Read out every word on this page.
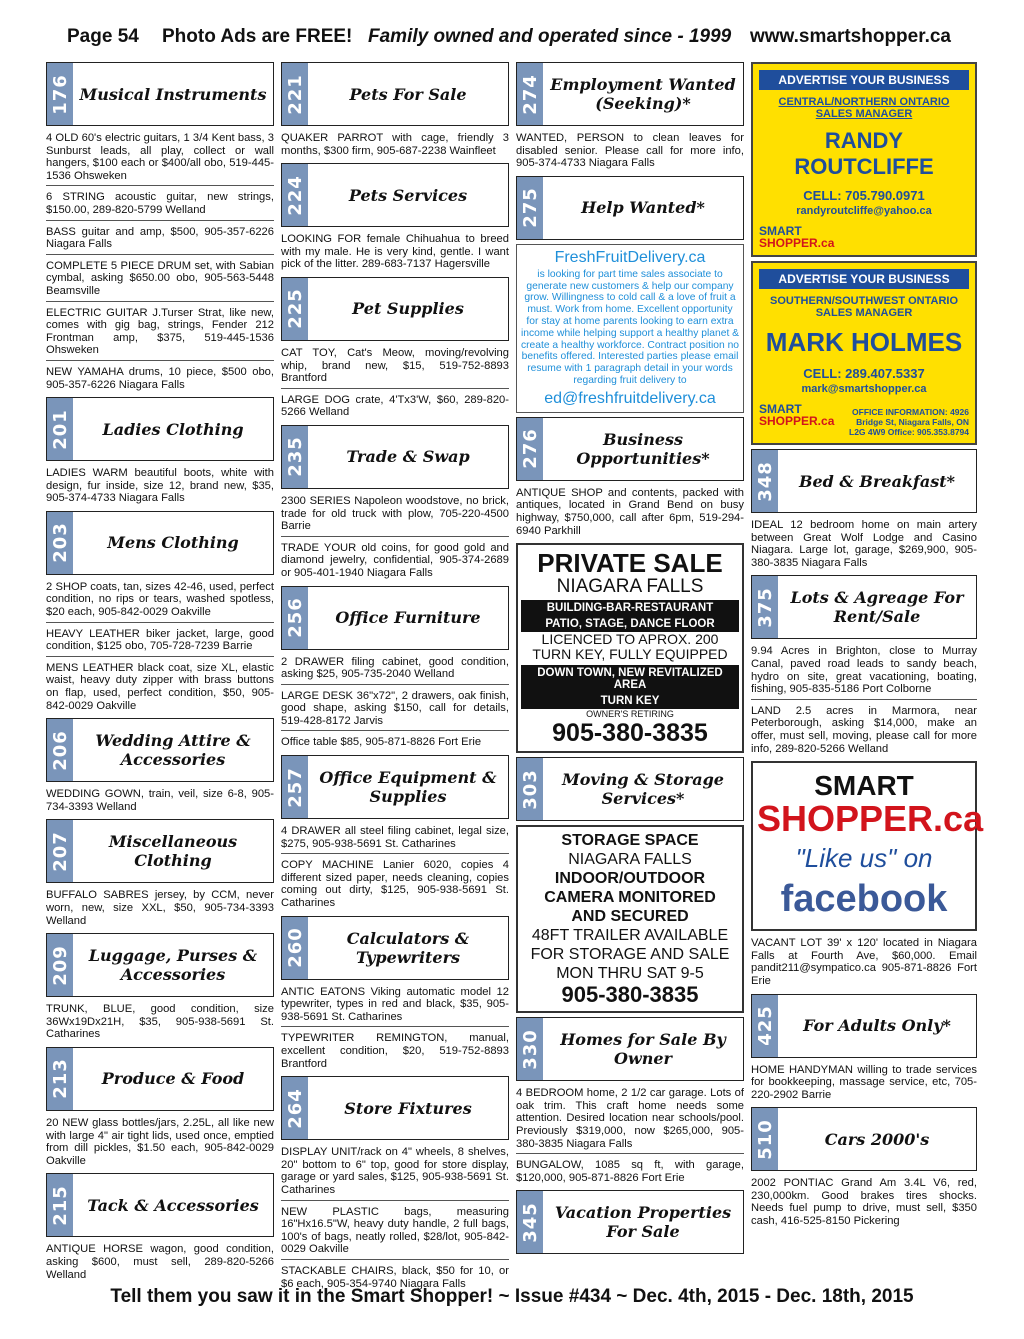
Page 54 Photo Ads are FREE! Family owned and operated since - 1999 www.smartshopper.ca
176 Musical Instruments
4 OLD 60's electric guitars, 1 3/4 Kent bass, 3 Sunburst leads, all play, collect or wall hangers, $100 each or $400/all obo, 519-445-1536 Ohsweken
6 STRING acoustic guitar, new strings, $150.00, 289-820-5799 Welland
BASS guitar and amp, $500, 905-357-6226 Niagara Falls
COMPLETE 5 PIECE DRUM set, with Sabian cymbal, asking $650.00 obo, 905-563-5448 Beamsville
ELECTRIC GUITAR J.Turser Strat, like new, comes with gig bag, strings, Fender 212 Frontman amp, $375, 519-445-1536 Ohsweken
NEW YAMAHA drums, 10 piece, $500 obo, 905-357-6226 Niagara Falls
201	Ladies Clothing
LADIES WARM beautiful boots, white with design, fur inside, size 12, brand new, $35, 905-374-4733 Niagara Falls
203	Mens Clothing
2 SHOP coats, tan, sizes 42-46, used, perfect condition, no rips or tears, washed spotless, $20 each, 905-842-0029 Oakville
HEAVY LEATHER biker jacket, large, good condition, $125 obo, 705-728-7239 Barrie
MENS LEATHER black coat, size XL, elastic waist, heavy duty zipper with brass buttons on flap, used, perfect condition, $50, 905-842-0029 Oakville
206	Wedding Attire & Accessories
WEDDING GOWN, train, veil, size 6-8, 905-734-3393 Welland
207	Miscellaneous Clothing
BUFFALO SABRES jersey, by CCM, never worn, new, size XXL, $50, 905-734-3393 Welland
209	Luggage, Purses & Accessories
TRUNK, BLUE, good condition, size 36Wx19Dx21H, $35, 905-938-5691 St. Catharines
213	Produce & Food
20 NEW glass bottles/jars, 2.25L, all like new with large 4" air tight lids, used once, emptied from dill pickles, $1.50 each, 905-842-0029 Oakville
215	Tack & Accessories
ANTIQUE HORSE wagon, good condition, asking $600, must sell, 289-820-5266 Welland
221	Pets For Sale
QUAKER PARROT with cage, friendly 3 months, $300 firm, 905-687-2238 Wainfleet
224	Pets Services
LOOKING FOR female Chihuahua to breed with my male. He is very kind, gentle. I want pick of the litter. 289-683-7137 Hagersville
225	Pet Supplies
CAT TOY, Cat's Meow, moving/revolving whip, brand new, $15, 519-752-8893 Brantford
LARGE DOG crate, 4'Tx3'W, $60, 289-820-5266 Welland
235	Trade & Swap
2300 SERIES Napoleon woodstove, no brick, trade for old truck with plow, 705-220-4500 Barrie
TRADE YOUR old coins, for good gold and diamond jewelry, confidential, 905-374-2689 or 905-401-1940 Niagara Falls
256	Office Furniture
2 DRAWER filing cabinet, good condition, asking $25, 905-735-2040 Welland
LARGE DESK 36"x72", 2 drawers, oak finish, good shape, asking $150, call for details, 519-428-8172 Jarvis
Office table $85, 905-871-8826 Fort Erie
257 Office Equipment & Supplies
4 DRAWER all steel filing cabinet, legal size, $275, 905-938-5691 St. Catharines
COPY MACHINE Lanier 6020, copies 4 different sized paper, needs cleaning, copies coming out dirty, $125, 905-938-5691 St. Catharines
260	Calculators & Typewriters
ANTIC EATONS Viking automatic model 12 typewriter, types in red and black, $35, 905-938-5691 St. Catharines
TYPEWRITER REMINGTON, manual, excellent condition, $20, 519-752-8893 Brantford
264	Store Fixtures
DISPLAY UNIT/rack on 4" wheels, 8 shelves, 20" bottom to 6" top, good for store display, garage or yard sales, $125, 905-938-5691 St. Catharines
NEW PLASTIC bags, measuring 16"Hx16.5"W, heavy duty handle, 2 full bags, 100's of bags, neatly rolled, $28/lot, 905-842-0029 Oakville
STACKABLE CHAIRS, black, $50 for 10, or $6 each, 905-354-9740 Niagara Falls
274 Employment Wanted (Seeking)*
WANTED, PERSON to clean leaves for disabled senior. Please call for more info, 905-374-4733 Niagara Falls
275	Help Wanted*
FreshFruitDelivery.ca
is looking for part time sales associate to generate new customers & help our company grow. Willingness to cold call & a love of fruit a must. Work from home. Excellent opportunity for stay at home parents looking to earn extra income while helping support a healthy planet & create a healthy workforce. Contract position no benefits offered. Interested parties please email resume with 1 paragraph detail in your words regarding fruit delivery to
ed@freshfruitdelivery.ca
276	Business Opportunities*
ANTIQUE SHOP and contents, packed with antiques, located in Grand Bend on busy highway, $750,000, call after 6pm, 519-294-6940 Parkhill
PRIVATE SALE
NIAGARA FALLS
BUILDING-BAR-RESTAURANT
PATIO, STAGE, DANCE FLOOR
LICENCED TO APROX. 200
TURN KEY, FULLY EQUIPPED
DOWN TOWN, NEW REVITALIZED AREA
TURN KEY
OWNER'S RETIRING
905-380-3835
303	Moving & Storage Services*
STORAGE SPACE
NIAGARA FALLS
INDOOR/OUTDOOR
CAMERA MONITORED
AND SECURED
48FT TRAILER AVAILABLE
FOR STORAGE AND SALE
MON THRU SAT 9-5
905-380-3835
330	Homes for Sale By Owner
4 BEDROOM home, 2 1/2 car garage. Lots of oak trim. This craft home needs some attention. Desired location near schools/pool. Previously $319,000, now $265,000, 905-380-3835 Niagara Falls
BUNGALOW, 1085 sq ft, with garage, $120,000, 905-871-8826 Fort Erie
345 Vacation Properties For Sale
ADVERTISE YOUR BUSINESS
CENTRAL/NORTHERN ONTARIO SALES MANAGER
RANDY ROUTCLIFFE
CELL: 705.790.0971
randyroutcliffe@yahoo.ca
SMART
SHOPPER.ca
ADVERTISE YOUR BUSINESS
SOUTHERN/SOUTHWEST ONTARIO SALES MANAGER
MARK HOLMES
CELL: 289.407.5337
mark@smartshopper.ca
SMART
SHOPPER.ca
OFFICE INFORMATION: 4926 Bridge St, Niagara Falls, ON L2G 4W9 Office: 905.353.8794
348	Bed & Breakfast*
IDEAL 12 bedroom home on main artery between Great Wolf Lodge and Casino Niagara. Large lot, garage, $269,900, 905-380-3835 Niagara Falls
375 Lots & Agreage For Rent/Sale
9.94 Acres in Brighton, close to Murray Canal, paved road leads to sandy beach, hydro on site, great vacationing, boating, fishing, 905-835-5186 Port Colborne
LAND 2.5 acres in Marmora, near Peterborough, asking $14,000, make an offer, must sell, moving, please call for more info, 289-820-5266 Welland
SMART
SHOPPER.ca
"Like us" on
facebook
VACANT LOT 39' x 120' located in Niagara Falls at Fourth Ave, $60,000. Email pandit211@sympatico.ca 905-871-8826 Fort Erie
425	For Adults Only*
HOME HANDYMAN willing to trade services for bookkeeping, massage service, etc, 705-220-2902 Barrie
510	Cars 2000's
2002 PONTIAC Grand Am 3.4L V6, red, 230,000km. Good brakes tires shocks. Needs fuel pump to drive, must sell, $350 cash, 416-525-8150 Pickering
Tell them you saw it in the Smart Shopper! ~ Issue #434 ~ Dec. 4th, 2015 - Dec. 18th, 2015
